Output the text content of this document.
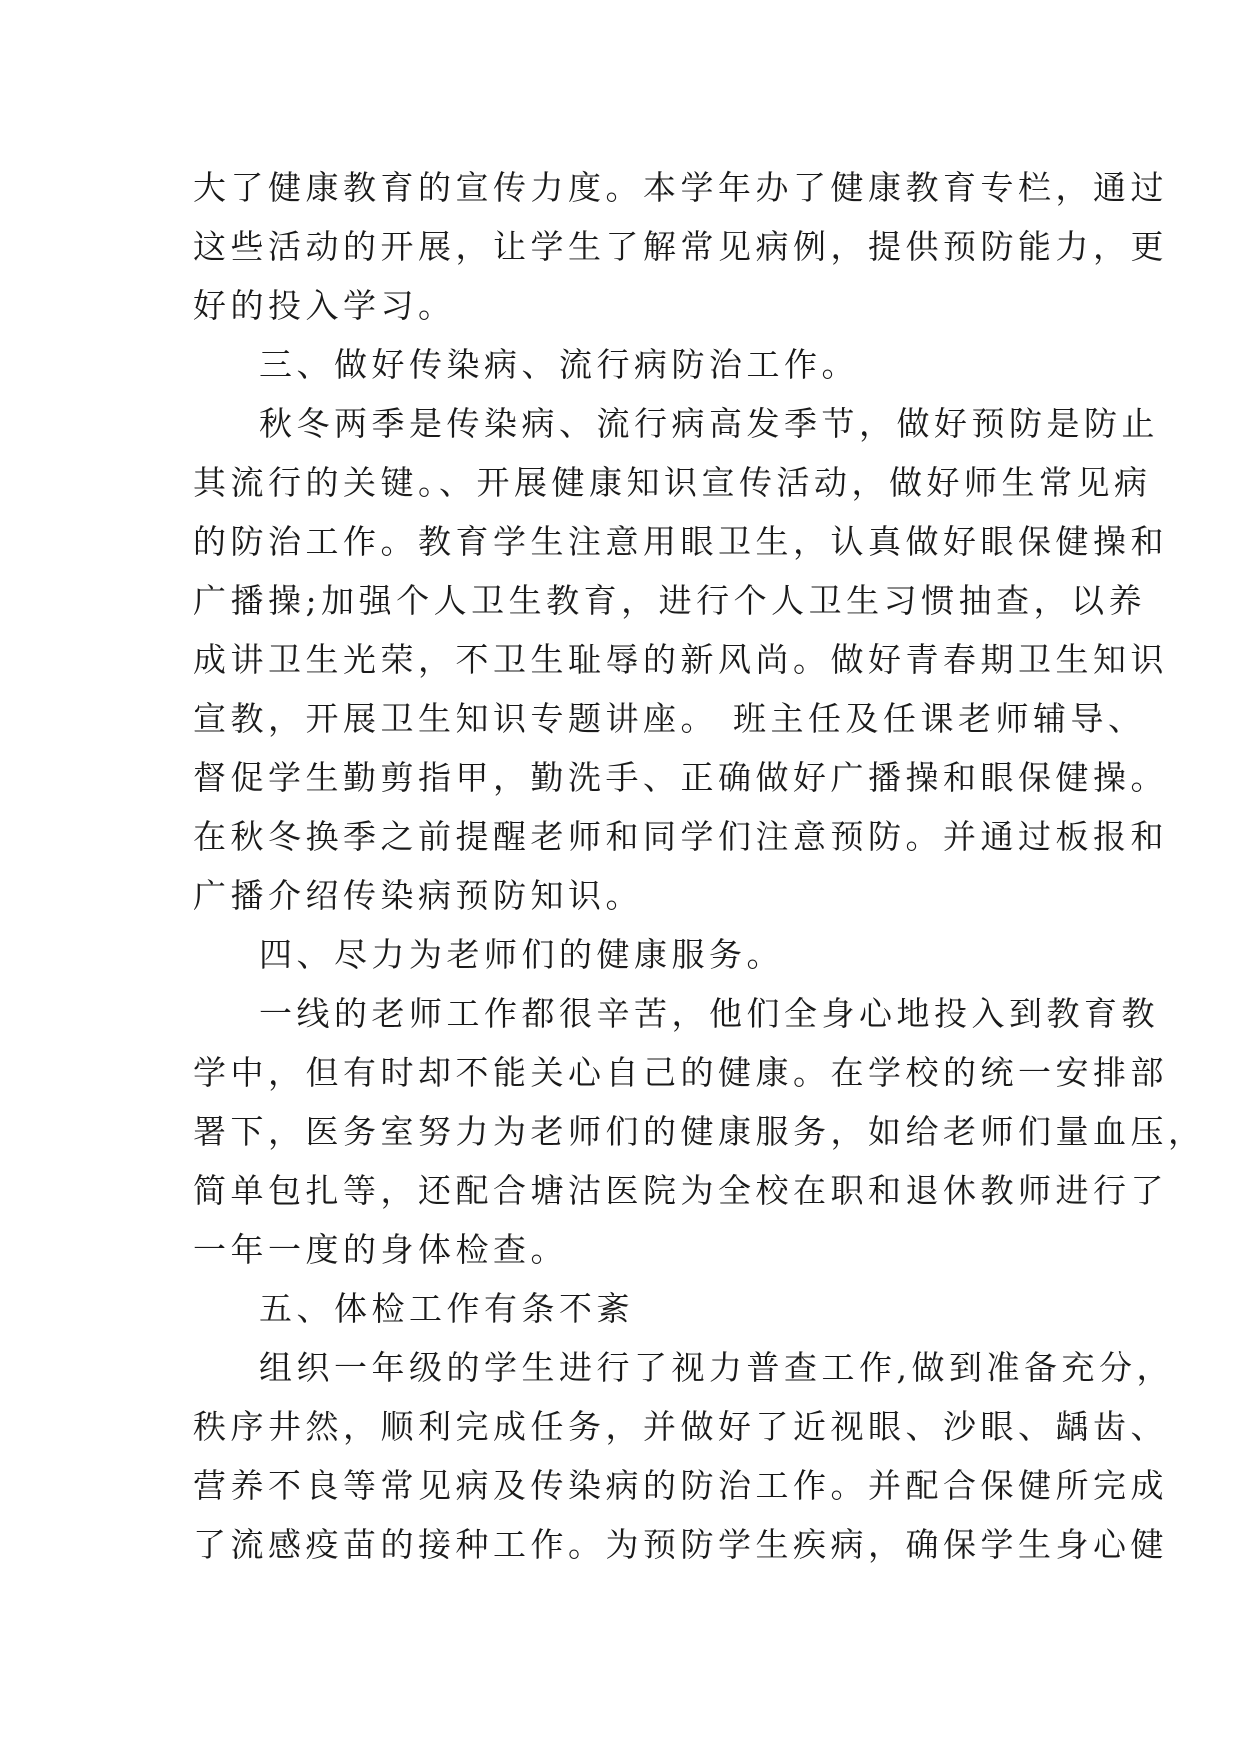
大了健康教育的宣传力度。本学年办了健康教育专栏，通过
这些活动的开展，让学生了解常见病例，提供预防能力，更
好的投入学习。
三、做好传染病、流行病防治工作。
秋冬两季是传染病、流行病高发季节，做好预防是防止
其流行的关键。、开展健康知识宣传活动，做好师生常见病
的防治工作。教育学生注意用眼卫生，认真做好眼保健操和
广播操;加强个人卫生教育，进行个人卫生习惯抽查，以养
成讲卫生光荣，不卫生耻辱的新风尚。做好青春期卫生知识
宣教，开展卫生知识专题讲座。 班主任及任课老师辅导、
督促学生勤剪指甲，勤洗手、正确做好广播操和眼保健操。
在秋冬换季之前提醒老师和同学们注意预防。并通过板报和
广播介绍传染病预防知识。
四、尽力为老师们的健康服务。
一线的老师工作都很辛苦，他们全身心地投入到教育教
学中，但有时却不能关心自己的健康。在学校的统一安排部
署下，医务室努力为老师们的健康服务，如给老师们量血压，
简单包扎等，还配合塘沽医院为全校在职和退休教师进行了
一年一度的身体检查。
五、体检工作有条不紊
组织一年级的学生进行了视力普查工作,做到准备充分，
秩序井然，顺利完成任务，并做好了近视眼、沙眼、龋齿、
营养不良等常见病及传染病的防治工作。并配合保健所完成
了流感疫苗的接种工作。为预防学生疾病，确保学生身心健
